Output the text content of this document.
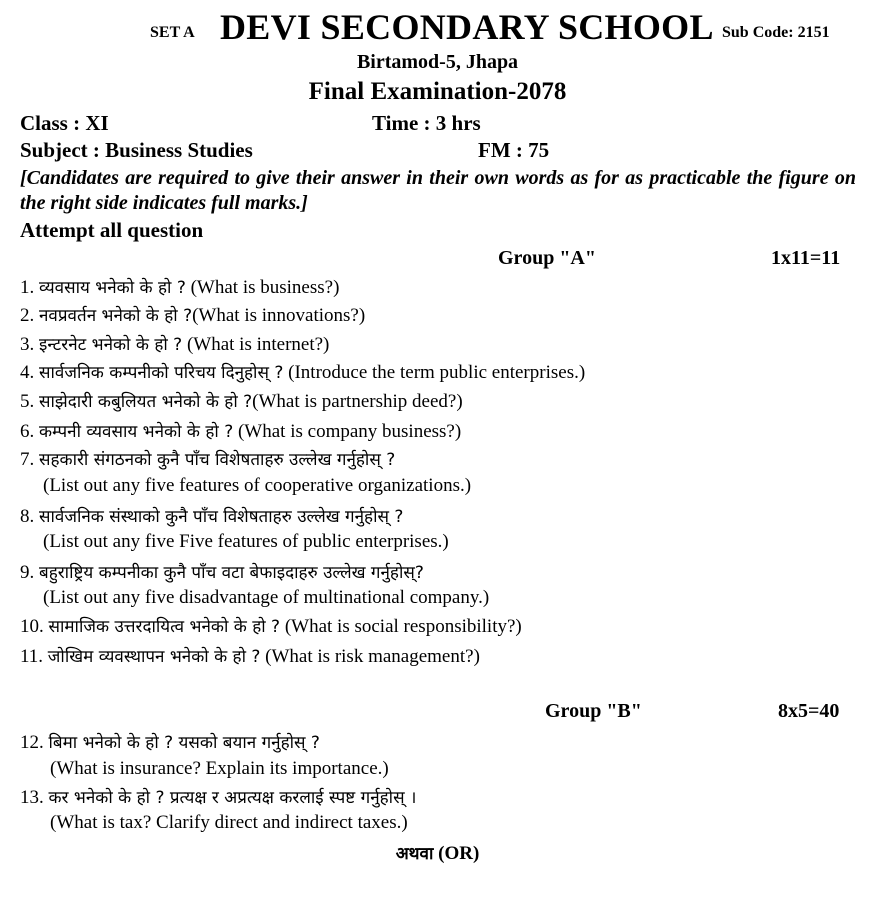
SET A DEVI SECONDARY SCHOOL Sub Code: 2151
Birtamod-5, Jhapa
Final Examination-2078
Class : XI	Time : 3 hrs
Subject : Business Studies	FM : 75
[Candidates are required to give their answer in their own words as for as practicable the figure on the right side indicates full marks.]
Attempt all question
Group "A"	1x11=11
1. व्यवसाय भनेको के हो ? (What is business?)
2. नवप्रवर्तन भनेको के हो ?(What is innovations?)
3. इन्टरनेट भनेको के हो ? (What is internet?)
4. सार्वजनिक कम्पनीको परिचय दिनुहोस् ? (Introduce the term public enterprises.)
5. साझेदारी कबुलियत भनेको के हो ?(What is partnership deed?)
6. कम्पनी व्यवसाय भनेको के हो ? (What is company business?)
7. सहकारी संगठनको कुनै पाँच विशेषताहरु उल्लेख गर्नुहोस् ?
(List out any five features of cooperative organizations.)
8. सार्वजनिक संस्थाको कुनै पाँच विशेषताहरु उल्लेख गर्नुहोस् ?
(List out any five Five features of public enterprises.)
9. बहुराष्ट्रिय कम्पनीका कुनै पाँच वटा बेफाइदाहरु उल्लेख गर्नुहोस्?
(List out any five disadvantage of multinational company.)
10. सामाजिक उत्तरदायित्व भनेको के हो ? (What is social responsibility?)
11. जोखिम व्यवस्थापन भनेको के हो ? (What is risk management?)
Group "B"	8x5=40
12. बिमा भनेको के हो ? यसको बयान गर्नुहोस् ?
(What is insurance? Explain its importance.)
13. कर भनेको के हो ? प्रत्यक्ष र अप्रत्यक्ष करलाई स्पष्ट गर्नुहोस् ।
(What is tax? Clarify direct and indirect taxes.)
अथवा (OR)
